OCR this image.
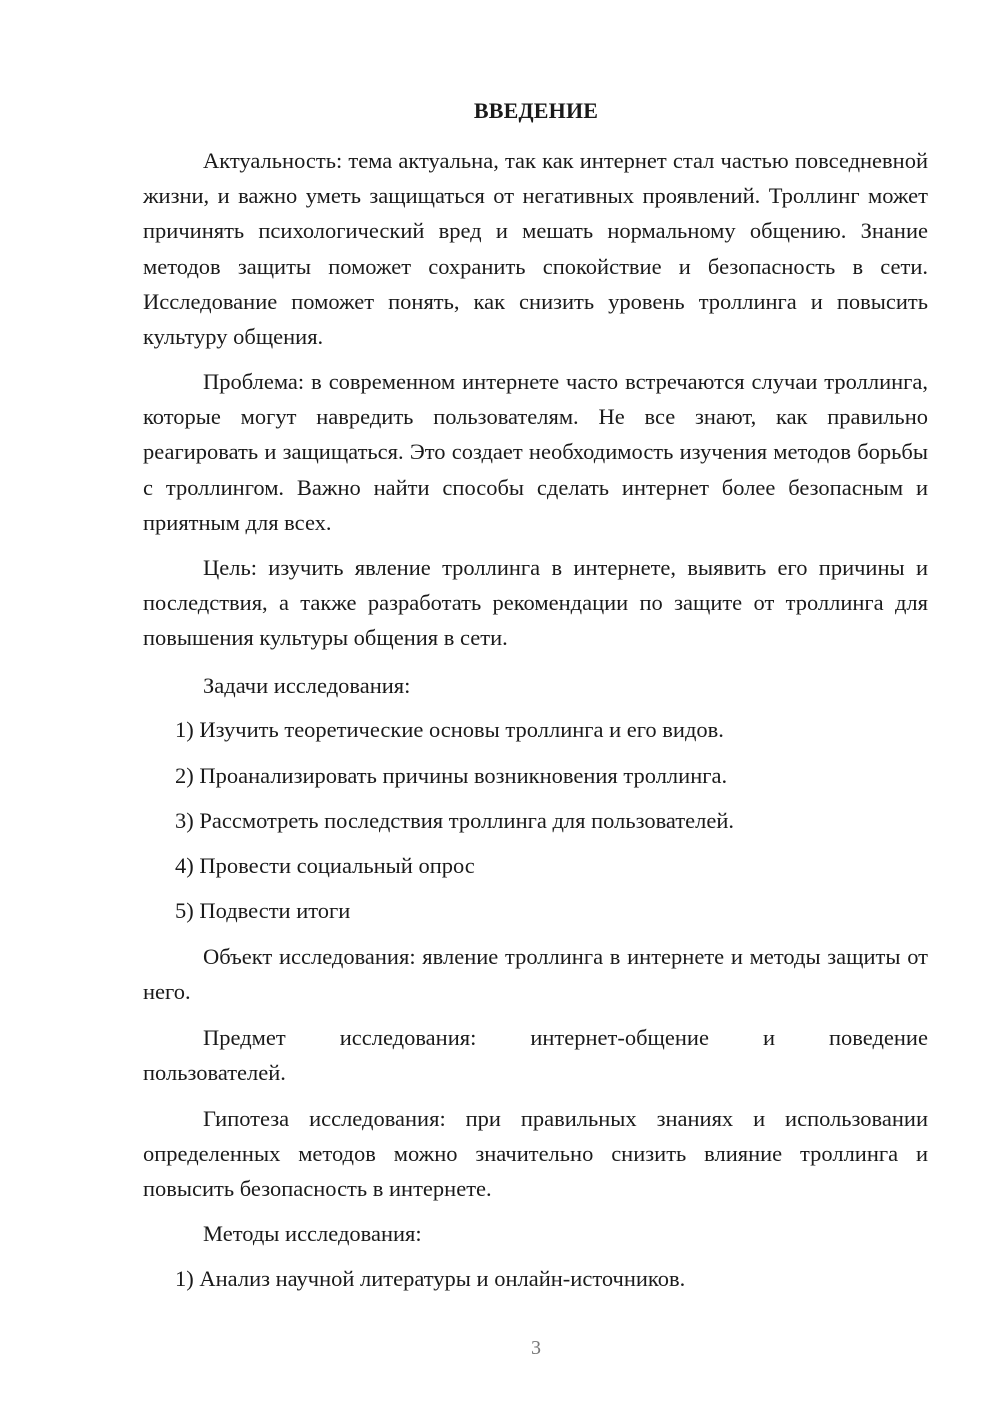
ВВЕДЕНИЕ

Актуальность: тема актуальна, так как интернет стал частью повседневной жизни, и важно уметь защищаться от негативных проявлений. Троллинг может причинять психологический вред и мешать нормальному общению. Знание методов защиты поможет сохранить спокойствие и безопасность в сети. Исследование поможет понять, как снизить уровень троллинга и повысить культуру общения.

Проблема: в современном интернете часто встречаются случаи троллинга, которые могут навредить пользователям. Не все знают, как правильно реагировать и защищаться. Это создает необходимость изучения методов борьбы с троллингом. Важно найти способы сделать интернет более безопасным и приятным для всех.

Цель: изучить явление троллинга в интернете, выявить его причины и последствия, а также разработать рекомендации по защите от троллинга для повышения культуры общения в сети.

Задачи исследования:
1) Изучить теоретические основы троллинга и его видов.
2) Проанализировать причины возникновения троллинга.
3) Рассмотреть последствия троллинга для пользователей.
4) Провести социальный опрос
5) Подвести итоги

Объект исследования: явление троллинга в интернете и методы защиты от него.

Предмет исследования: интернет-общение и поведение
пользователей.

Гипотеза исследования: при правильных знаниях и использовании определенных методов можно значительно снизить влияние троллинга и повысить безопасность в интернете.

Методы исследования:
1) Анализ научной литературы и онлайн-источников.
3
